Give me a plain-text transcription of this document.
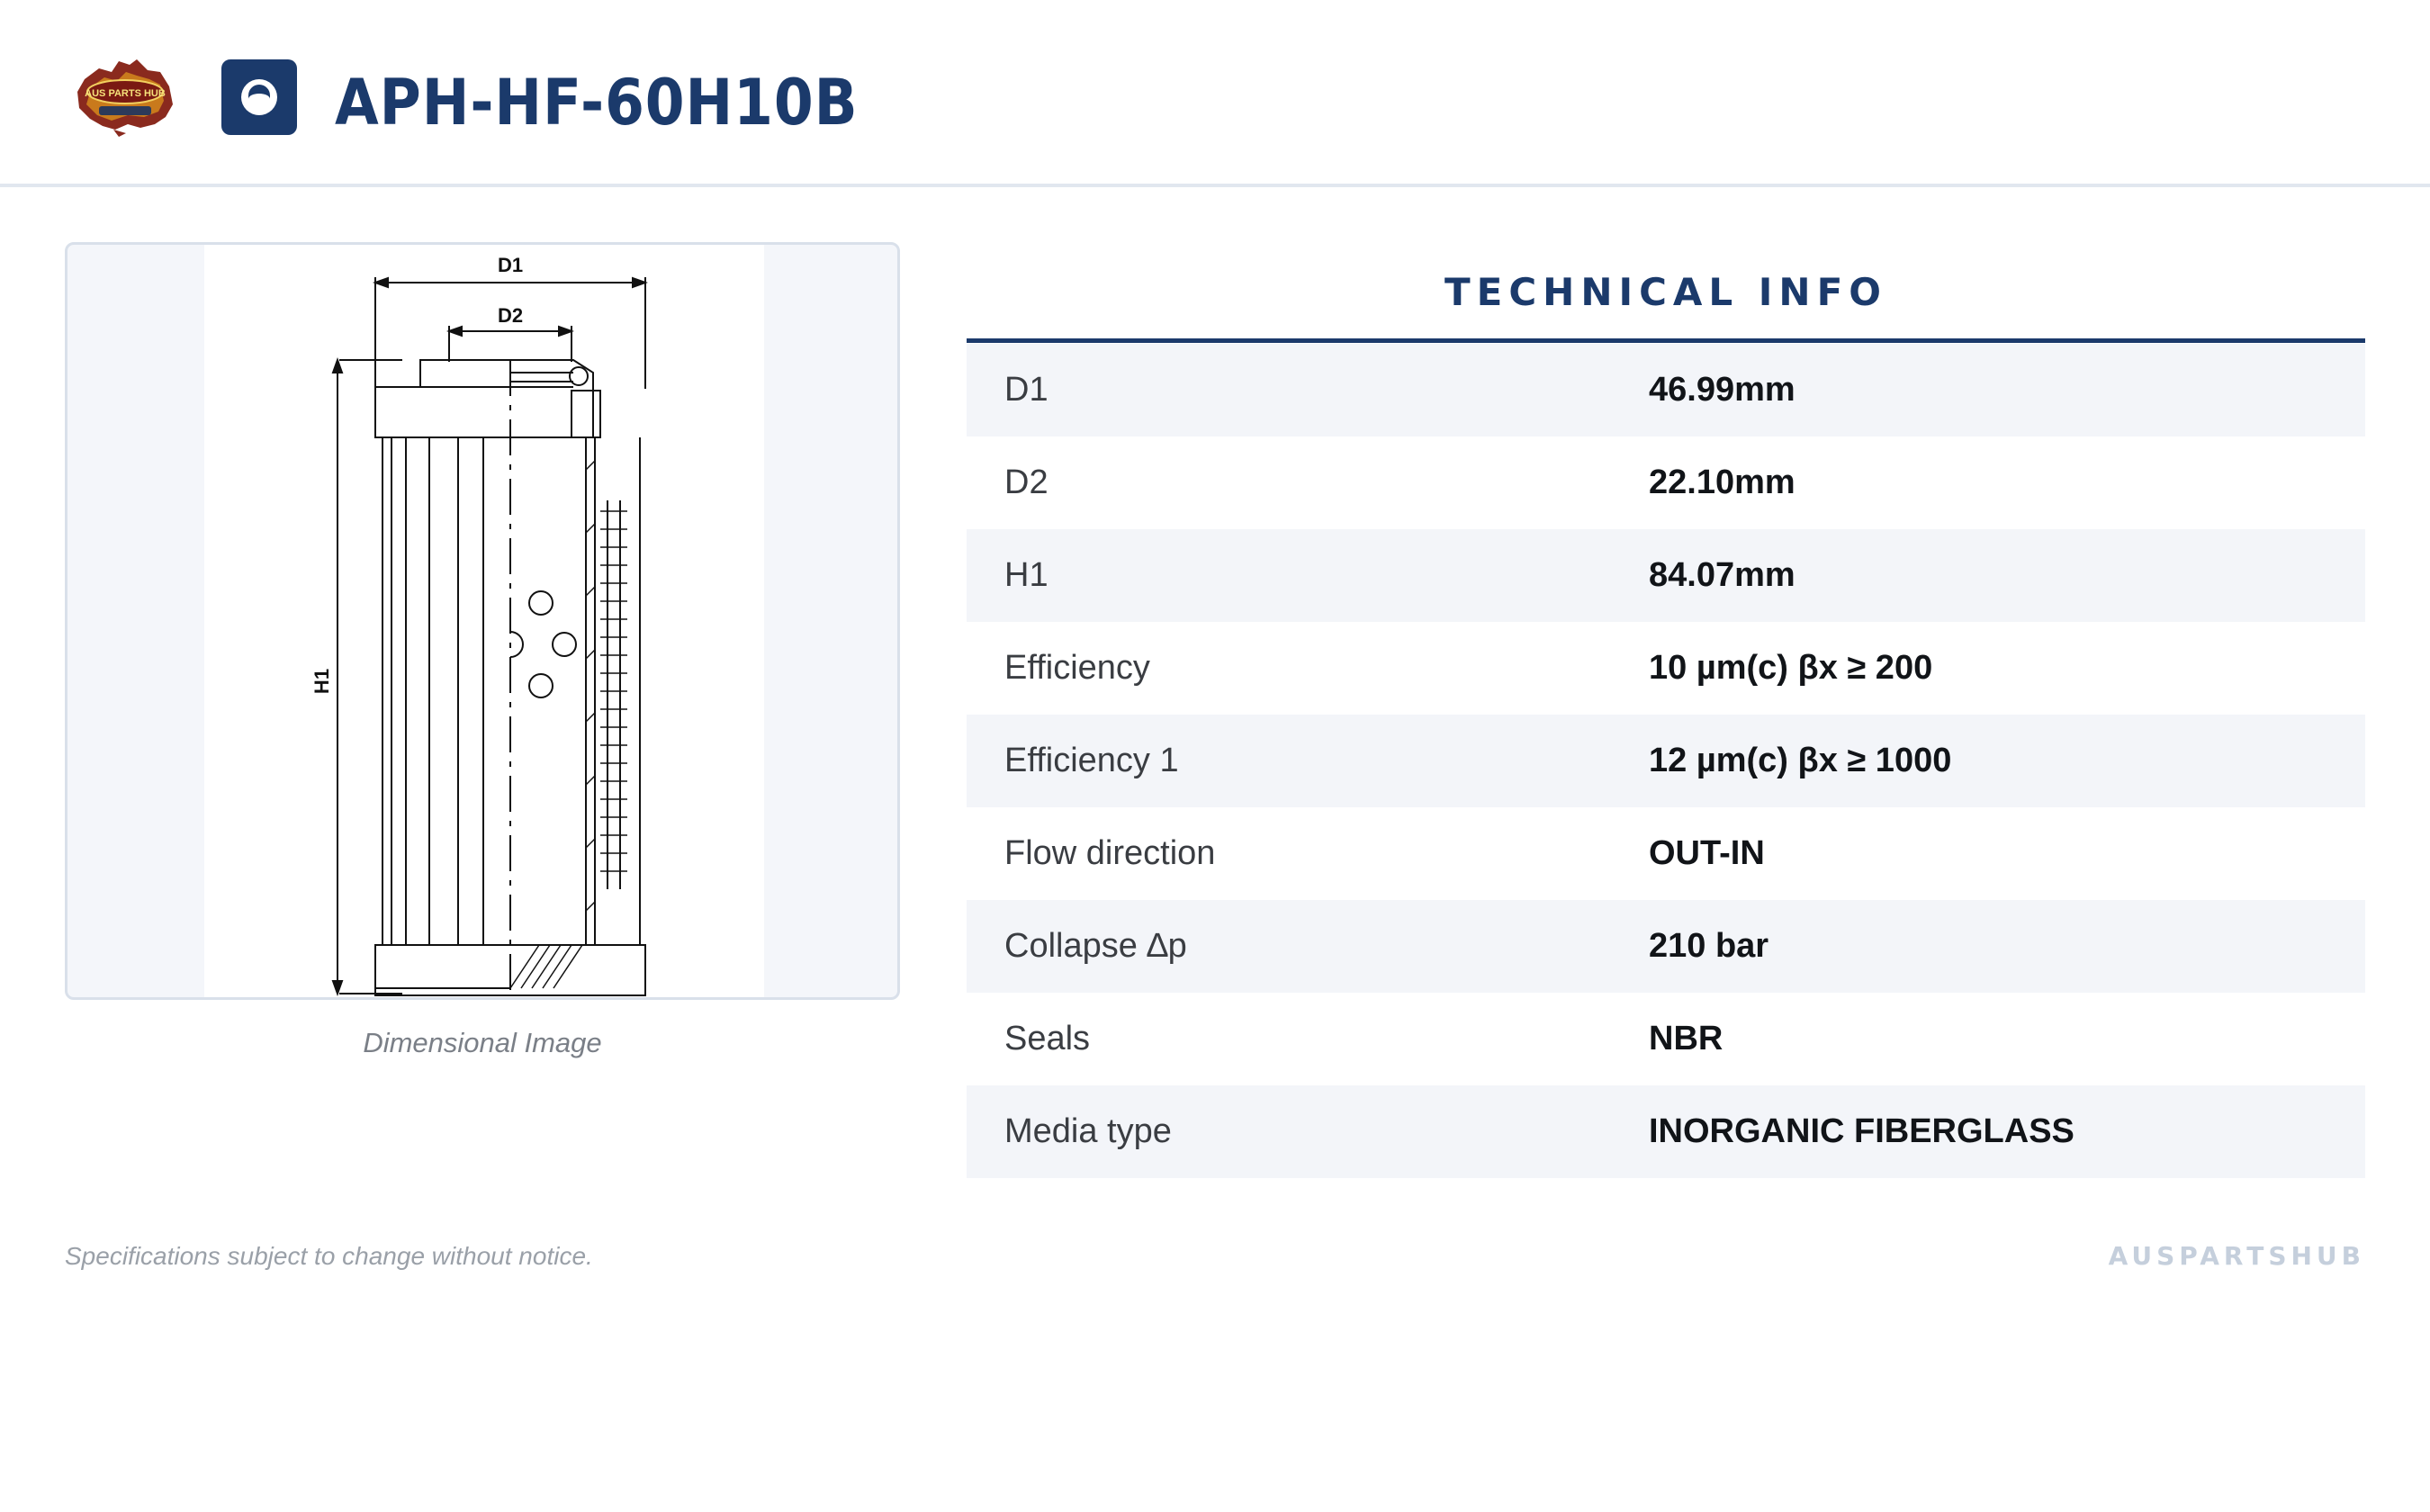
AUS PARTS HUB	APH-HF-60H10B
D1
D2
H1
Dimensional Image
TECHNICAL INFO
D1	46.99mm
D2	22.10mm
H1	84.07mm
Efficiency	10 µm(c) βx ≥ 200
Efficiency 1	12 µm(c) βx ≥ 1000
Flow direction	OUT-IN
Collapse ∆p	210 bar
Seals	NBR
Media type	INORGANIC FIBERGLASS
Specifications subject to change without notice.	AUSPARTSHUB
